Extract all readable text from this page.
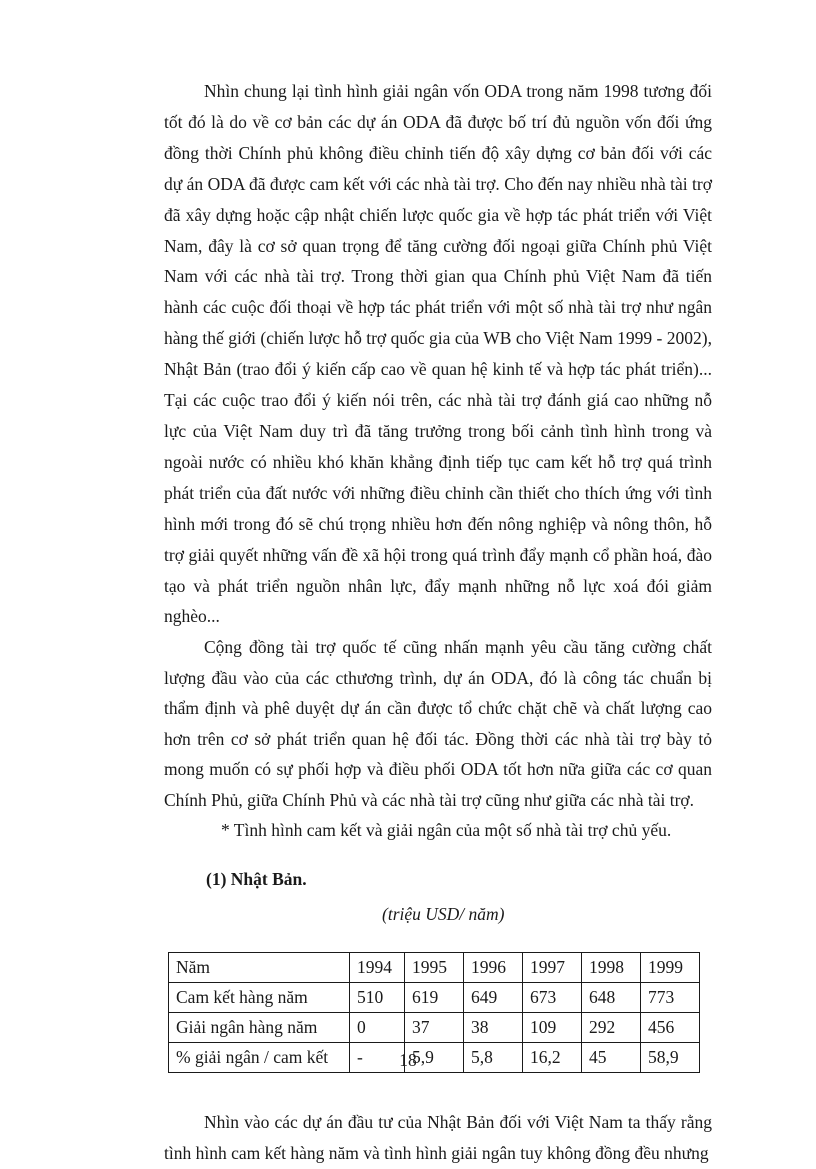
Nhìn chung lại tình hình giải ngân vốn ODA trong năm 1998 tương đối tốt đó là do về cơ bản các dự án ODA đã được bố trí đủ nguồn vốn đối ứng đồng thời Chính phủ không điều chỉnh tiến độ xây dựng cơ bản đối với các dự án ODA đã được cam kết với các nhà tài trợ. Cho đến nay nhiều nhà tài trợ đã xây dựng hoặc cập nhật chiến lược quốc gia về hợp tác phát triển với Việt Nam, đây là cơ sở quan trọng để tăng cường đối ngoại giữa Chính phủ Việt Nam với các nhà tài trợ. Trong thời gian qua Chính phủ Việt Nam đã tiến hành các cuộc đối thoại về hợp tác phát triển với một số nhà tài trợ như ngân hàng thế giới (chiến lược hỗ trợ quốc gia của WB cho Việt Nam 1999 - 2002), Nhật Bản (trao đổi ý kiến cấp cao về quan hệ kinh tế và hợp tác phát triển)... Tại các cuộc trao đổi ý kiến nói trên, các nhà tài trợ đánh giá cao những nỗ lực của Việt Nam duy trì đã tăng trưởng trong bối cảnh tình hình trong và ngoài nước có nhiều khó khăn khẳng định tiếp tục cam kết hỗ trợ quá trình phát triển của đất nước với những điều chỉnh cần thiết cho thích ứng với tình hình mới trong đó sẽ chú trọng nhiều hơn đến nông nghiệp và nông thôn, hỗ trợ giải quyết những vấn đề xã hội trong quá trình đẩy mạnh cổ phần hoá, đào tạo và phát triển nguồn nhân lực, đẩy mạnh những nỗ lực xoá đói giảm nghèo...

Cộng đồng tài trợ quốc tế cũng nhấn mạnh yêu cầu tăng cường chất lượng đầu vào của các cthương trình, dự án ODA, đó là công tác chuẩn bị thẩm định và phê duyệt dự án cần được tổ chức chặt chẽ và chất lượng cao hơn trên cơ sở phát triển quan hệ đối tác. Đồng thời các nhà tài trợ bày tỏ mong muốn có sự phối hợp và điều phối ODA tốt hơn nữa giữa các cơ quan Chính Phủ, giữa Chính Phủ và các nhà tài trợ cũng như giữa các nhà tài trợ.

* Tình hình cam kết và giải ngân của một số nhà tài trợ chủ yếu.

(1) Nhật Bản.

(triệu USD/ năm)

Năm	1994	1995	1996	1997	1998	1999
Cam kết hàng năm	510	619	649	673	648	773
Giải ngân hàng năm	0	37	38	109	292	456
% giải ngân / cam kết	-	5,9	5,8	16,2	45	58,9

Nhìn vào các dự án đầu tư của Nhật Bản đối với Việt Nam ta thấy rằng tình hình cam kết hàng năm và tình hình giải ngân tuy không đồng đều nhưng

18
